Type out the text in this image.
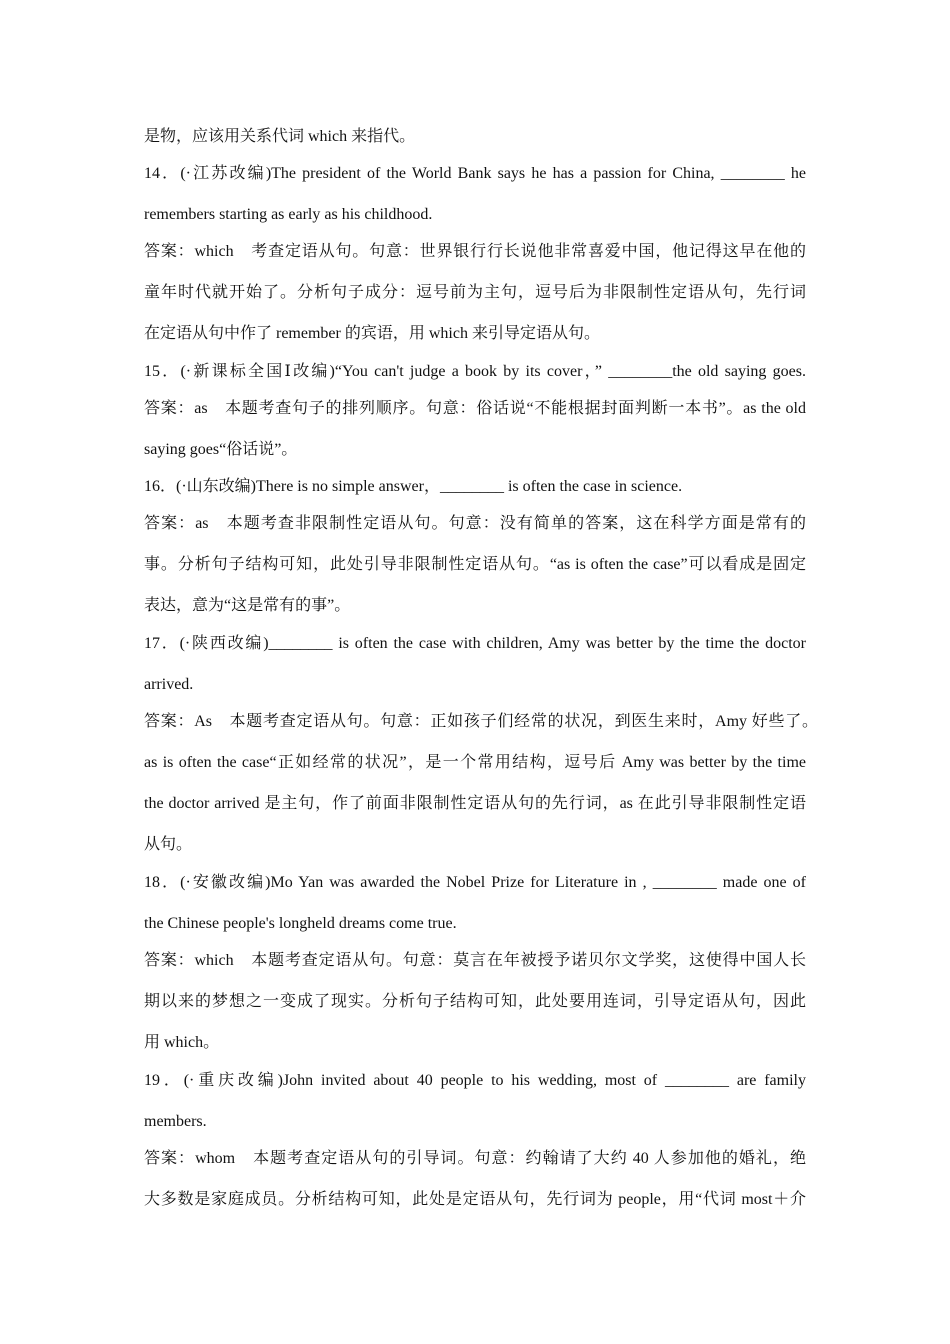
是物，应该用关系代词 which 来指代。
14．(·江苏改编)The president of the World Bank says he has a passion for China, ________ he
remembers starting as early as his childhood.
答案：which　考查定语从句。句意：世界银行行长说他非常喜爱中国，他记得这早在他的
童年时代就开始了。分析句子成分：逗号前为主句，逗号后为非限制性定语从句，先行词
在定语从句中作了 remember 的宾语，用 which 来引导定语从句。
15．(·新课标全国Ⅰ改编)“You can't judge a book by its cover，” ________the old saying goes.
答案：as　本题考查句子的排列顺序。句意：俗话说“不能根据封面判断一本书”。as the old
saying goes“俗话说”。
16．(·山东改编)There is no simple answer，________ is often the case in science.
答案：as　本题考查非限制性定语从句。句意：没有简单的答案，这在科学方面是常有的
事。分析句子结构可知，此处引导非限制性定语从句。“as is often the case”可以看成是固定
表达，意为“这是常有的事”。
17．(·陕西改编)________ is often the case with children, Amy was better by the time the doctor
arrived.
答案：As　本题考查定语从句。句意：正如孩子们经常的状况，到医生来时，Amy 好些了。
as is often the case“正如经常的状况”，是一个常用结构，逗号后 Amy was better by the time
the doctor arrived 是主句，作了前面非限制性定语从句的先行词，as 在此引导非限制性定语
从句。
18．(·安徽改编)Mo Yan was awarded the Nobel Prize for Literature in , ________ made one of
the Chinese people's longheld dreams come true.
答案：which　本题考查定语从句。句意：莫言在年被授予诺贝尔文学奖，这使得中国人长
期以来的梦想之一变成了现实。分析句子结构可知，此处要用连词，引导定语从句，因此
用 which。
19．(·重庆改编)John invited about 40 people to his wedding, most of ________ are family
members.
答案：whom　本题考查定语从句的引导词。句意：约翰请了大约 40 人参加他的婚礼，绝
大多数是家庭成员。分析结构可知，此处是定语从句，先行词为 people，用“代词 most＋介
